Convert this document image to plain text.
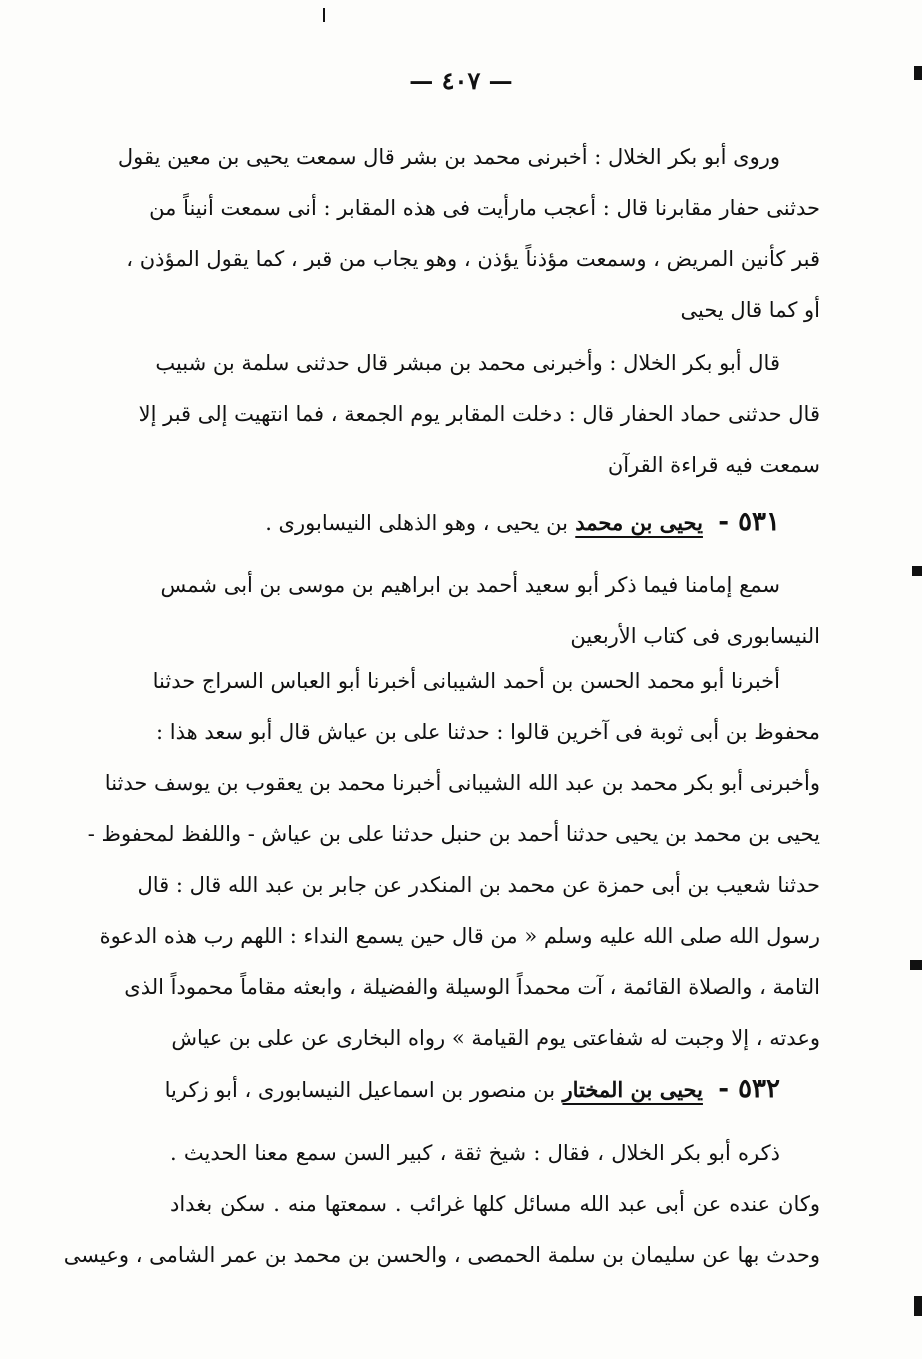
— ٤٠٧ —
وروى أبو بكر الخلال : أخبرنى محمد بن بشر قال سمعت يحيى بن معين يقول
حدثنى حفار مقابرنا قال : أعجب مارأيت فى هذه المقابر : أنى سمعت أنيناً من
قبر كأنين المريض ، وسمعت مؤذناً يؤذن ، وهو يجاب من قبر ، كما يقول المؤذن ،
أو كما قال يحيى
قال أبو بكر الخلال : وأخبرنى محمد بن مبشر قال حدثنى سلمة بن شبيب
قال حدثنى حماد الحفار قال : دخلت المقابر يوم الجمعة ، فما انتهيت إلى قبر إلا
سمعت فيه قراءة القرآن
٥٣١ - يحيى بن محمد بن يحيى ، وهو الذهلى النيسابورى .
سمع إمامنا فيما ذكر أبو سعيد أحمد بن ابراهيم بن موسى بن أبى شمس
النيسابورى فى كتاب الأربعين
أخبرنا أبو محمد الحسن بن أحمد الشيبانى أخبرنا أبو العباس السراج حدثنا
محفوظ بن أبى ثوبة فى آخرين قالوا : حدثنا على بن عياش قال أبو سعد هذا :
وأخبرنى أبو بكر محمد بن عبد الله الشيبانى أخبرنا محمد بن يعقوب بن يوسف حدثنا
يحيى بن محمد بن يحيى حدثنا أحمد بن حنبل حدثنا على بن عياش - واللفظ لمحفوظ -
حدثنا شعيب بن أبى حمزة عن محمد بن المنكدر عن جابر بن عبد الله قال : قال
رسول الله صلى الله عليه وسلم « من قال حين يسمع النداء : اللهم رب هذه الدعوة
التامة ، والصلاة القائمة ، آت محمداً الوسيلة والفضيلة ، وابعثه مقاماً محموداً الذى
وعدته ، إلا وجبت له شفاعتى يوم القيامة » رواه البخارى عن على بن عياش
٥٣٢ - يحيى بن المختار بن منصور بن اسماعيل النيسابورى ، أبو زكريا
ذكره أبو بكر الخلال ، فقال : شيخ ثقة ، كبير السن سمع معنا الحديث .
وكان عنده عن أبى عبد الله مسائل كلها غرائب . سمعتها منه . سكن بغداد
وحدث بها عن سليمان بن سلمة الحمصى ، والحسن بن محمد بن عمر الشامى ، وعيسى
